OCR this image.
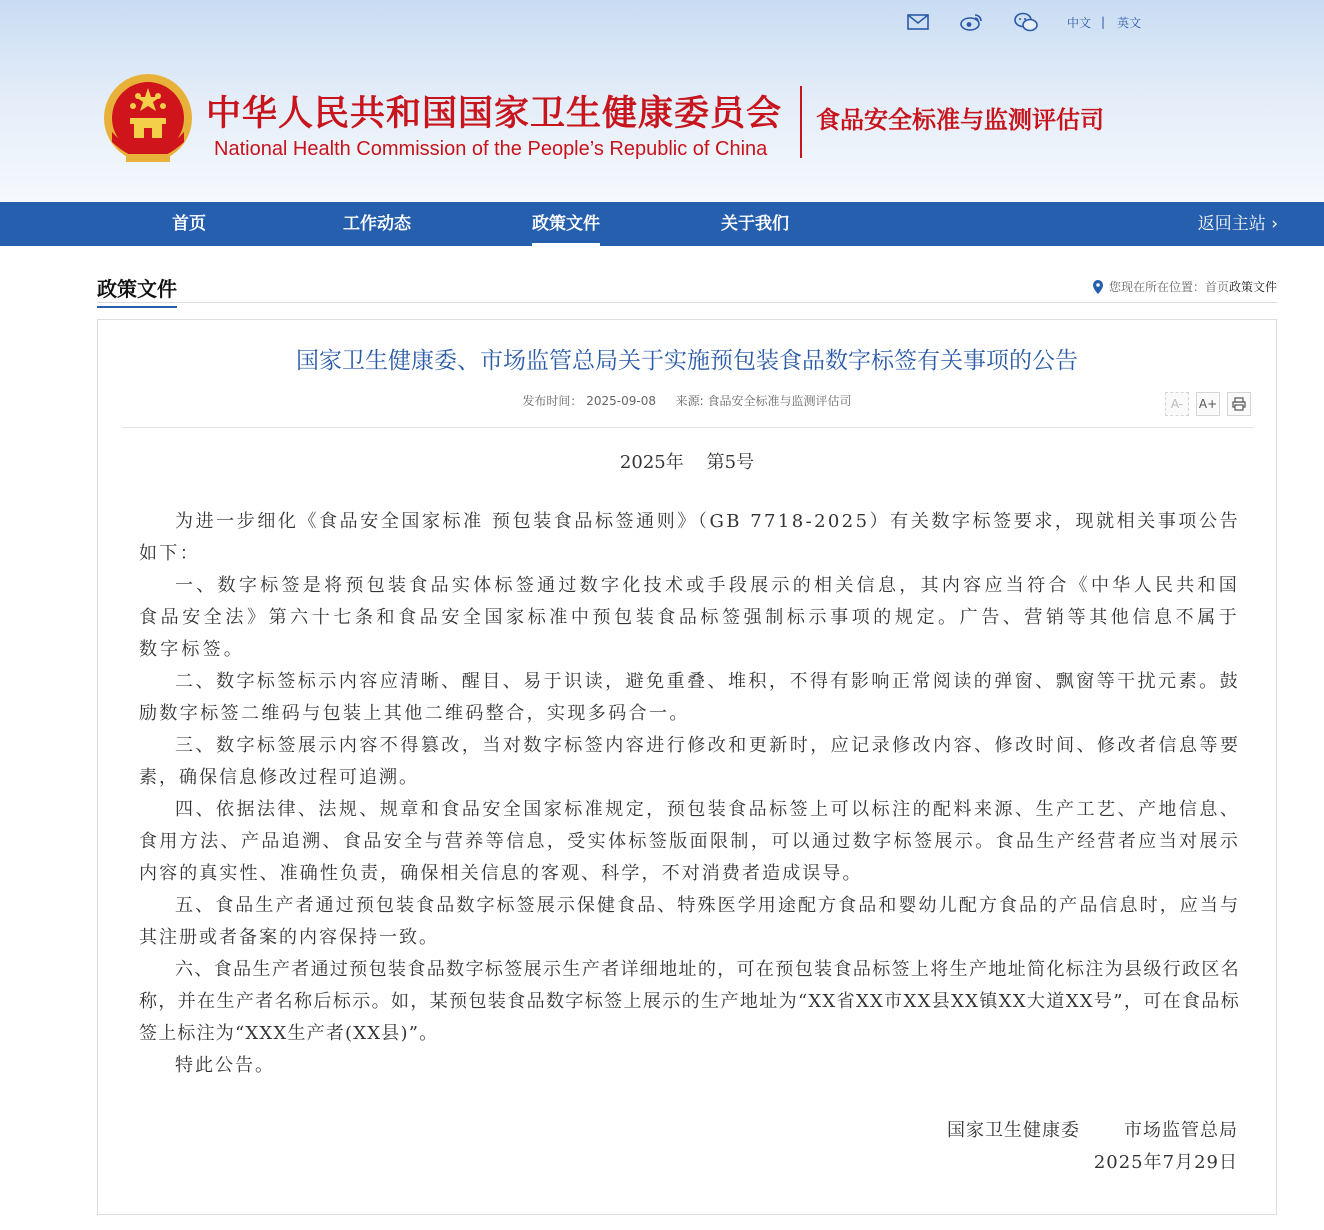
中文 | 英文
中华人民共和国国家卫生健康委员会
National Health Commission of the People’s Republic of China
食品安全标准与监测评估司
首页	工作动态	政策文件	关于我们	返回主站 ›
政策文件	您现在所在位置： 首页 政策文件
国家卫生健康委、市场监管总局关于实施预包装食品数字标签有关事项的公告
发布时间： 2025-09-08 来源: 食品安全标准与监测评估司	A-	A+
2025年    第5号

为进一步细化《食品安全国家标准 预包装食品标签通则》（GB 7718-2025）有关数字标签要求，现就相关事项公告如下：

一、数字标签是将预包装食品实体标签通过数字化技术或手段展示的相关信息，其内容应当符合《中华人民共和国食品安全法》第六十七条和食品安全国家标准中预包装食品标签强制标示事项的规定。广告、营销等其他信息不属于数字标签。

二、数字标签标示内容应清晰、醒目、易于识读，避免重叠、堆积，不得有影响正常阅读的弹窗、飘窗等干扰元素。鼓励数字标签二维码与包装上其他二维码整合，实现多码合一。

三、数字标签展示内容不得篡改，当对数字标签内容进行修改和更新时，应记录修改内容、修改时间、修改者信息等要素，确保信息修改过程可追溯。

四、依据法律、法规、规章和食品安全国家标准规定，预包装食品标签上可以标注的配料来源、生产工艺、产地信息、食用方法、产品追溯、食品安全与营养等信息，受实体标签版面限制，可以通过数字标签展示。食品生产经营者应当对展示内容的真实性、准确性负责，确保相关信息的客观、科学，不对消费者造成误导。

五、食品生产者通过预包装食品数字标签展示保健食品、特殊医学用途配方食品和婴幼儿配方食品的产品信息时，应当与其注册或者备案的内容保持一致。

六、食品生产者通过预包装食品数字标签展示生产者详细地址的，可在预包装食品标签上将生产地址简化标注为县级行政区名称，并在生产者名称后标示。如，某预包装食品数字标签上展示的生产地址为“XX省XX市XX县XX镇XX大道XX号”，可在食品标签上标注为“XXX生产者(XX县)”。

特此公告。

国家卫生健康委 市场监管总局
2025年7月29日
